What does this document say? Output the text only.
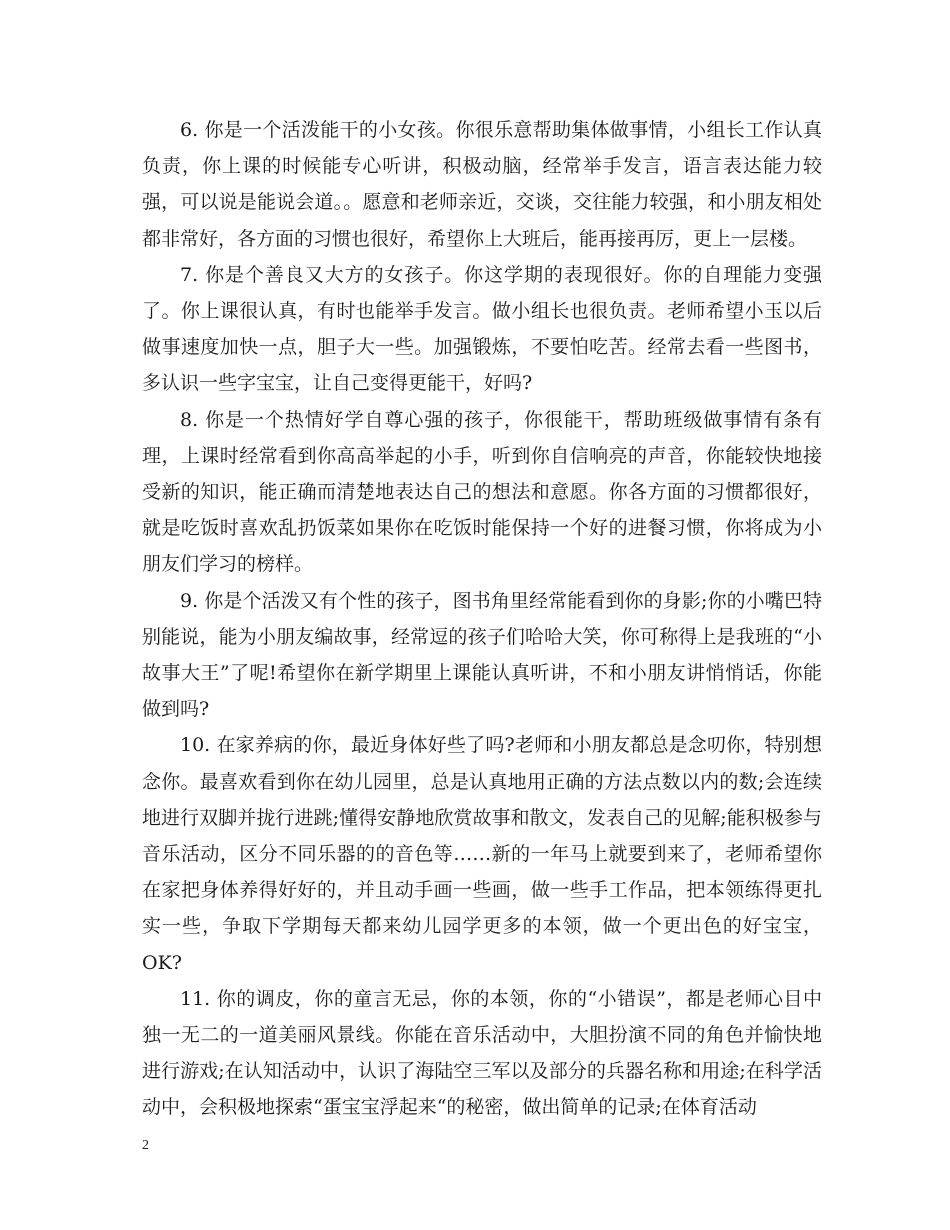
6. 你是一个活泼能干的小女孩。你很乐意帮助集体做事情，小组长工作认真负责，你上课的时候能专心听讲，积极动脑，经常举手发言，语言表达能力较强，可以说是能说会道。。愿意和老师亲近，交谈，交往能力较强，和小朋友相处都非常好，各方面的习惯也很好，希望你上大班后，能再接再厉，更上一层楼。

7. 你是个善良又大方的女孩子。你这学期的表现很好。你的自理能力变强了。你上课很认真，有时也能举手发言。做小组长也很负责。老师希望小玉以后做事速度加快一点，胆子大一些。加强锻炼，不要怕吃苦。经常去看一些图书，多认识一些字宝宝，让自己变得更能干，好吗?

8. 你是一个热情好学自尊心强的孩子，你很能干，帮助班级做事情有条有理，上课时经常看到你高高举起的小手，听到你自信响亮的声音，你能较快地接受新的知识，能正确而清楚地表达自己的想法和意愿。你各方面的习惯都很好，就是吃饭时喜欢乱扔饭菜如果你在吃饭时能保持一个好的进餐习惯，你将成为小朋友们学习的榜样。

9. 你是个活泼又有个性的孩子，图书角里经常能看到你的身影;你的小嘴巴特别能说，能为小朋友编故事，经常逗的孩子们哈哈大笑，你可称得上是我班的“小故事大王”了呢!希望你在新学期里上课能认真听讲，不和小朋友讲悄悄话，你能做到吗?

10. 在家养病的你，最近身体好些了吗?老师和小朋友都总是念叨你，特别想念你。最喜欢看到你在幼儿园里，总是认真地用正确的方法点数以内的数;会连续地进行双脚并拢行进跳;懂得安静地欣赏故事和散文，发表自己的见解;能积极参与音乐活动，区分不同乐器的的音色等……新的一年马上就要到来了，老师希望你在家把身体养得好好的，并且动手画一些画，做一些手工作品，把本领练得更扎实一些，争取下学期每天都来幼儿园学更多的本领，做一个更出色的好宝宝，OK?

11. 你的调皮，你的童言无忌，你的本领，你的“小错误”，都是老师心目中独一无二的一道美丽风景线。你能在音乐活动中，大胆扮演不同的角色并愉快地进行游戏;在认知活动中，认识了海陆空三军以及部分的兵器名称和用途;在科学活动中，会积极地探索“蛋宝宝浮起来“的秘密，做出简单的记录;在体育活动

2
